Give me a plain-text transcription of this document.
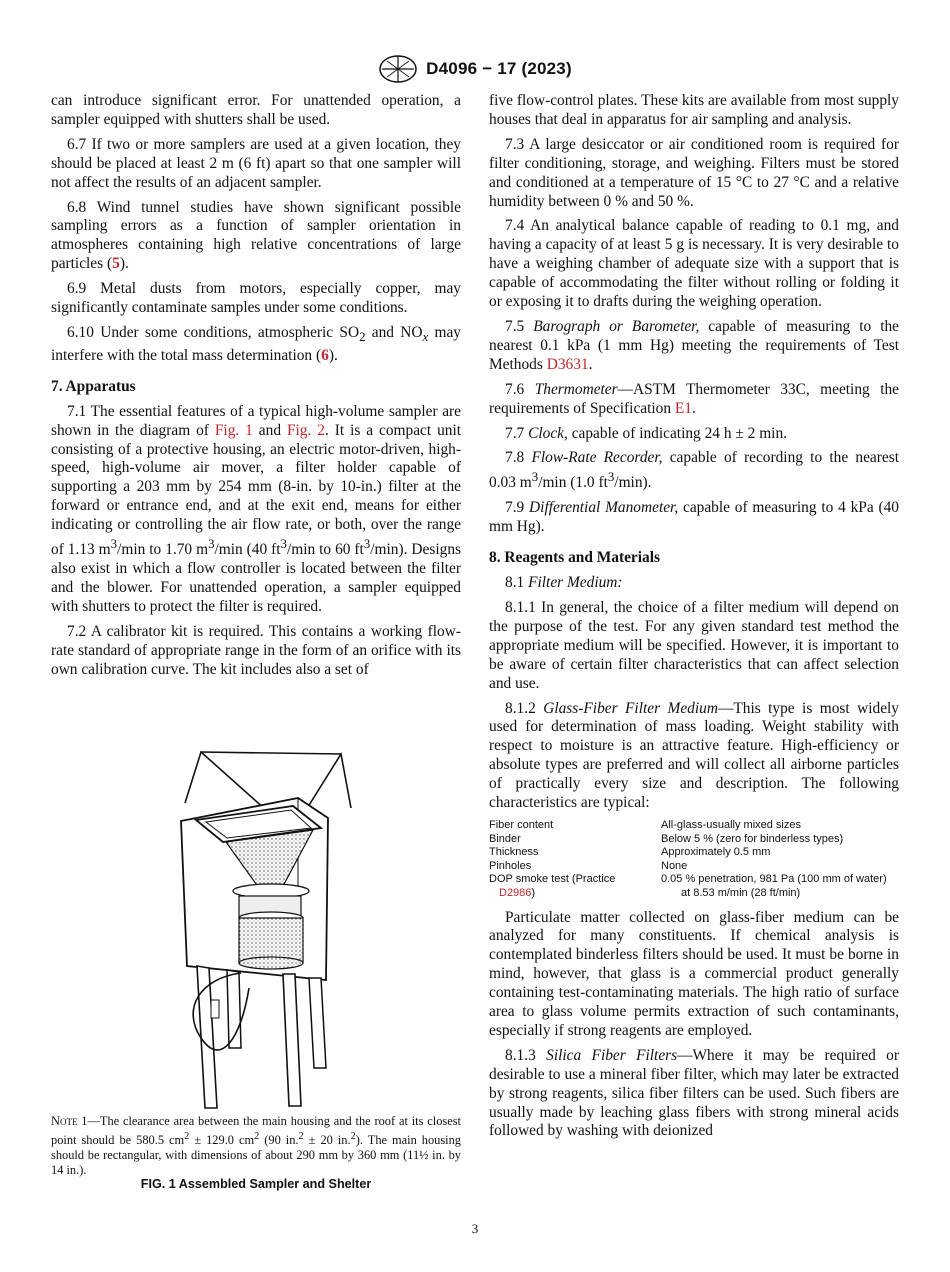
D4096 − 17 (2023)

can introduce significant error. For unattended operation, a sampler equipped with shutters shall be used.

6.7 If two or more samplers are used at a given location, they should be placed at least 2 m (6 ft) apart so that one sampler will not affect the results of an adjacent sampler.

6.8 Wind tunnel studies have shown significant possible sampling errors as a function of sampler orientation in atmospheres containing high relative concentrations of large particles (5).

6.9 Metal dusts from motors, especially copper, may significantly contaminate samples under some conditions.

6.10 Under some conditions, atmospheric $SO_2$ and $NO_x$ may interfere with the total mass determination (6).

7. Apparatus

7.1 The essential features of a typical high-volume sampler are shown in the diagram of Fig. 1 and Fig. 2. It is a compact unit consisting of a protective housing, an electric motor-driven, high-speed, high-volume air mover, a filter holder capable of supporting a 203 mm by 254 mm (8-in. by 10-in.) filter at the forward or entrance end, and at the exit end, means for either indicating or controlling the air flow rate, or both, over the range of 1.13 $m^3/\min$ to 1.70 $m^3/\min$ (40 $ft^3/\min$ to 60 $ft^3/\min$). Designs also exist in which a flow controller is located between the filter and the blower. For unattended operation, a sampler equipped with shutters to protect the filter is required.

7.2 A calibrator kit is required. This contains a working flow-rate standard of appropriate range in the form of an orifice with its own calibration curve. The kit includes also a set of

Note 1—The clearance area between the main housing and the roof at its closest point should be 580.5 $cm^2 \pm 129.0$ $cm^2$ (90 in.$^2$ ± 20 in.$^2$). The main housing should be rectangular, with dimensions of about 290 mm by 360 mm (11½ in. by 14 in.).
FIG. 1 Assembled Sampler and Shelter

five flow-control plates. These kits are available from most supply houses that deal in apparatus for air sampling and analysis.

7.3 A large desiccator or air conditioned room is required for filter conditioning, storage, and weighing. Filters must be stored and conditioned at a temperature of 15 °C to 27 °C and a relative humidity between 0 % and 50 %.

7.4 An analytical balance capable of reading to 0.1 mg, and having a capacity of at least 5 g is necessary. It is very desirable to have a weighing chamber of adequate size with a support that is capable of accommodating the filter without rolling or folding it or exposing it to drafts during the weighing operation.

7.5 Barograph or Barometer, capable of measuring to the nearest 0.1 kPa (1 mm Hg) meeting the requirements of Test Methods D3631.

7.6 Thermometer—ASTM Thermometer 33C, meeting the requirements of Specification E1.

7.7 Clock, capable of indicating 24 h ± 2 min.

7.8 Flow-Rate Recorder, capable of recording to the nearest 0.03 $m^3/\min$ (1.0 $ft^3/\min$).

7.9 Differential Manometer, capable of measuring to 4 kPa (40 mm Hg).

8. Reagents and Materials

8.1 Filter Medium:

8.1.1 In general, the choice of a filter medium will depend on the purpose of the test. For any given standard test method the appropriate medium will be specified. However, it is important to be aware of certain filter characteristics that can affect selection and use.

8.1.2 Glass-Fiber Filter Medium—This type is most widely used for determination of mass loading. Weight stability with respect to moisture is an attractive feature. High-efficiency or absolute types are preferred and will collect all airborne particles of practically every size and description. The following characteristics are typical:

Fiber content	All-glass-usually mixed sizes
Binder	Below 5 % (zero for binderless types)
Thickness	Approximately 0.5 mm
Pinholes	None
DOP smoke test (Practice	0.05 % penetration, 981 Pa (100 mm of water)
D2986)	at 8.53 m/min (28 ft/min)

Particulate matter collected on glass-fiber medium can be analyzed for many constituents. If chemical analysis is contemplated binderless filters should be used. It must be borne in mind, however, that glass is a commercial product generally containing test-contaminating materials. The high ratio of surface area to glass volume permits extraction of such contaminants, especially if strong reagents are employed.

8.1.3 Silica Fiber Filters—Where it may be required or desirable to use a mineral fiber filter, which may later be extracted by strong reagents, silica fiber filters can be used. Such fibers are usually made by leaching glass fibers with strong mineral acids followed by washing with deionized

3
